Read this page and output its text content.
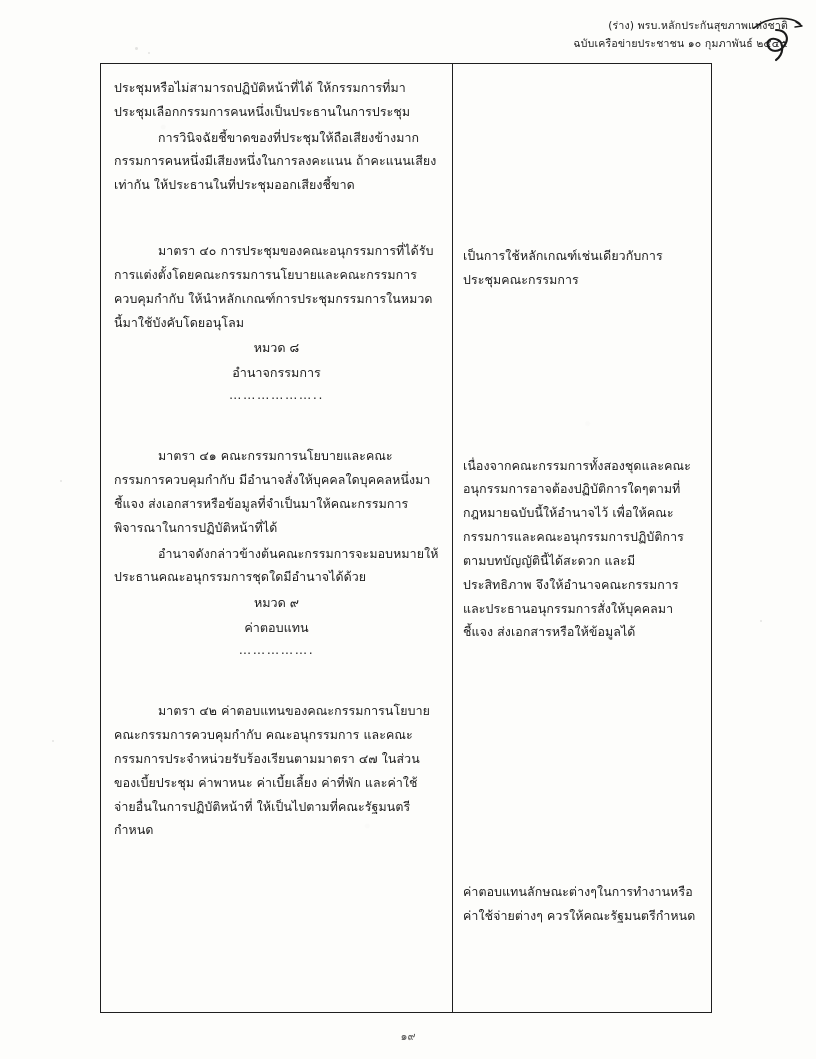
(ร่าง) พรบ.หลักประกันสุขภาพแห่งชาติ
ฉบับเครือข่ายประชาชน ๑๐ กุมภาพันธ์ ๒๕๔๕

ประชุมหรือไม่สามารถปฏิบัติหน้าที่ได้ ให้กรรมการที่มาประชุมเลือกกรรมการคนหนึ่งเป็นประธานในการประชุม

การวินิจฉัยชี้ขาดของที่ประชุมให้ถือเสียงข้างมาก กรรมการคนหนึ่งมีเสียงหนึ่งในการลงคะแนน ถ้าคะแนนเสียงเท่ากัน ให้ประธานในที่ประชุมออกเสียงชี้ขาด

มาตรา ๔๐ การประชุมของคณะอนุกรรมการที่ได้รับการแต่งตั้งโดยคณะกรรมการนโยบายและคณะกรรมการควบคุมกำกับ ให้นำหลักเกณฑ์การประชุมกรรมการในหมวดนี้มาใช้บังคับโดยอนุโลม

หมวด ๘

อำนาจกรรมการ

………………..

มาตรา ๔๑ คณะกรรมการนโยบายและคณะกรรมการควบคุมกำกับ มีอำนาจสั่งให้บุคคลใดบุคคลหนึ่งมาชี้แจง ส่งเอกสารหรือข้อมูลที่จำเป็นมาให้คณะกรรมการพิจารณาในการปฏิบัติหน้าที่ได้

อำนาจดังกล่าวข้างต้นคณะกรรมการจะมอบหมายให้ประธานคณะอนุกรรมการชุดใดมีอำนาจได้ด้วย

หมวด ๙

ค่าตอบแทน

…………….

มาตรา ๔๒ ค่าตอบแทนของคณะกรรมการนโยบาย คณะกรรมการควบคุมกำกับ คณะอนุกรรมการ และคณะกรรมการประจำหน่วยรับร้องเรียนตามมาตรา ๔๗ ในส่วนของเบี้ยประชุม ค่าพาหนะ ค่าเบี้ยเลี้ยง ค่าที่พัก และค่าใช้จ่ายอื่นในการปฏิบัติหน้าที่ ให้เป็นไปตามที่คณะรัฐมนตรีกำหนด

เป็นการใช้หลักเกณฑ์เช่นเดียวกับการประชุมคณะกรรมการ

เนื่องจากคณะกรรมการทั้งสองชุดและคณะอนุกรรมการอาจต้องปฏิบัติการใดๆตามที่กฎหมายฉบับนี้ให้อำนาจไว้ เพื่อให้คณะกรรมการและคณะอนุกรรมการปฏิบัติการตามบทบัญญัตินี้ได้สะดวก และมีประสิทธิภาพ จึงให้อำนาจคณะกรรมการและประธานอนุกรรมการสั่งให้บุคคลมาชี้แจง ส่งเอกสารหรือให้ข้อมูลได้

ค่าตอบแทนลักษณะต่างๆในการทำงานหรือค่าใช้จ่ายต่างๆ ควรให้คณะรัฐมนตรีกำหนด

๑๙
